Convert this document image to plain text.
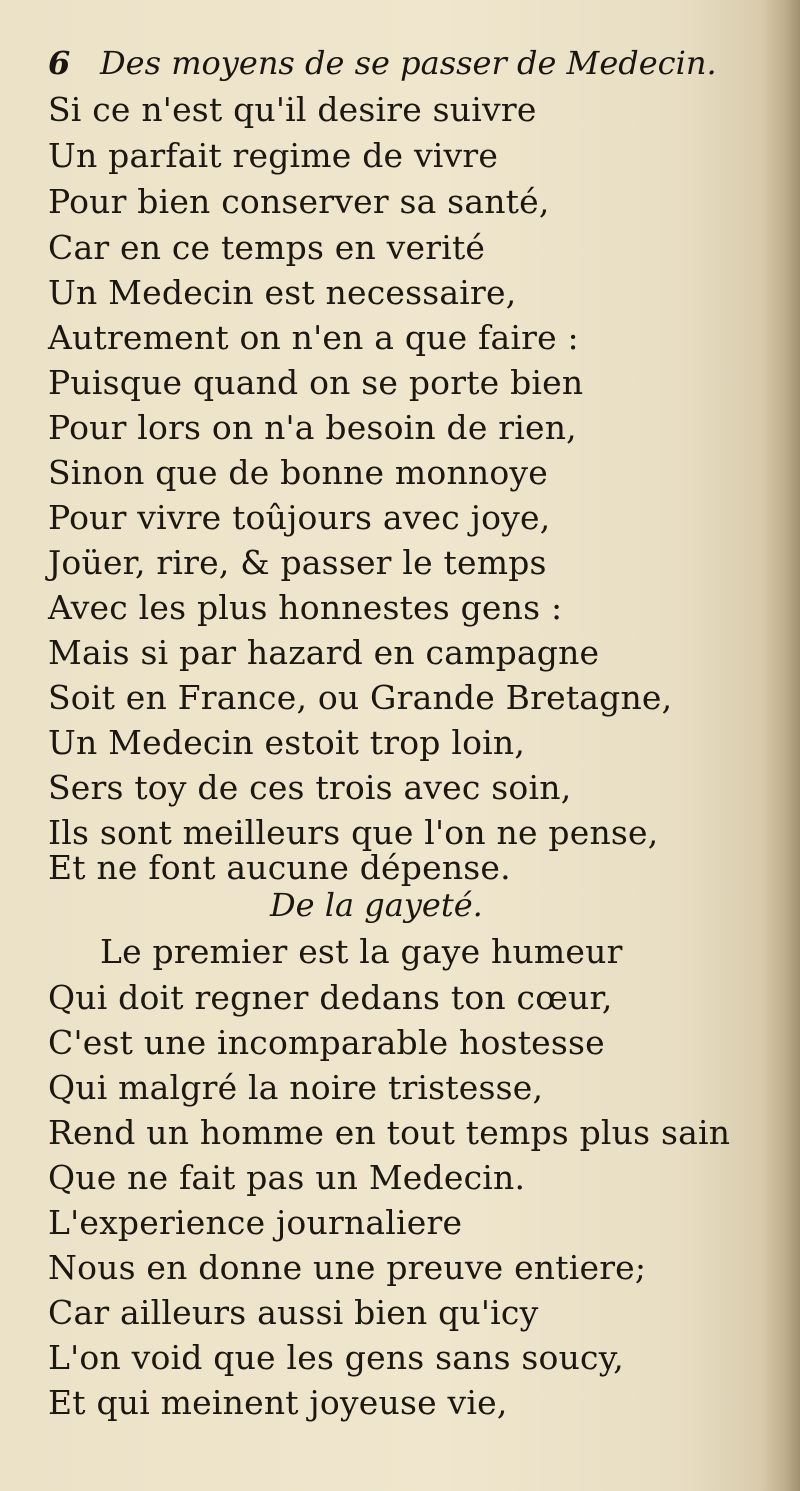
6 Des moyens de se passer de Medecin.
Si ce n'est qu'il desire suivre
Un parfait regime de vivre
Pour bien conserver sa santé,
Car en ce temps en verité
Un Medecin est necessaire,
Autrement on n'en a que faire :
Puisque quand on se porte bien
Pour lors on n'a besoin de rien,
Sinon que de bonne monnoye
Pour vivre toûjours avec joye,
Joüer, rire, & passer le temps
Avec les plus honnestes gens :
Mais si par hazard en campagne
Soit en France, ou Grande Bretagne,
Un Medecin estoit trop loin,
Sers toy de ces trois avec soin,
Ils sont meilleurs que l'on ne pense,
Et ne font aucune dépense.
De la gayeté.
Le premier est la gaye humeur
Qui doit regner dedans ton cœur,
C'est une incomparable hostesse
Qui malgré la noire tristesse,
Rend un homme en tout temps plus sain
Que ne fait pas un Medecin.
L'experience journaliere
Nous en donne une preuve entiere;
Car ailleurs aussi bien qu'icy
L'on void que les gens sans soucy,
Et qui meinent joyeuse vie,
